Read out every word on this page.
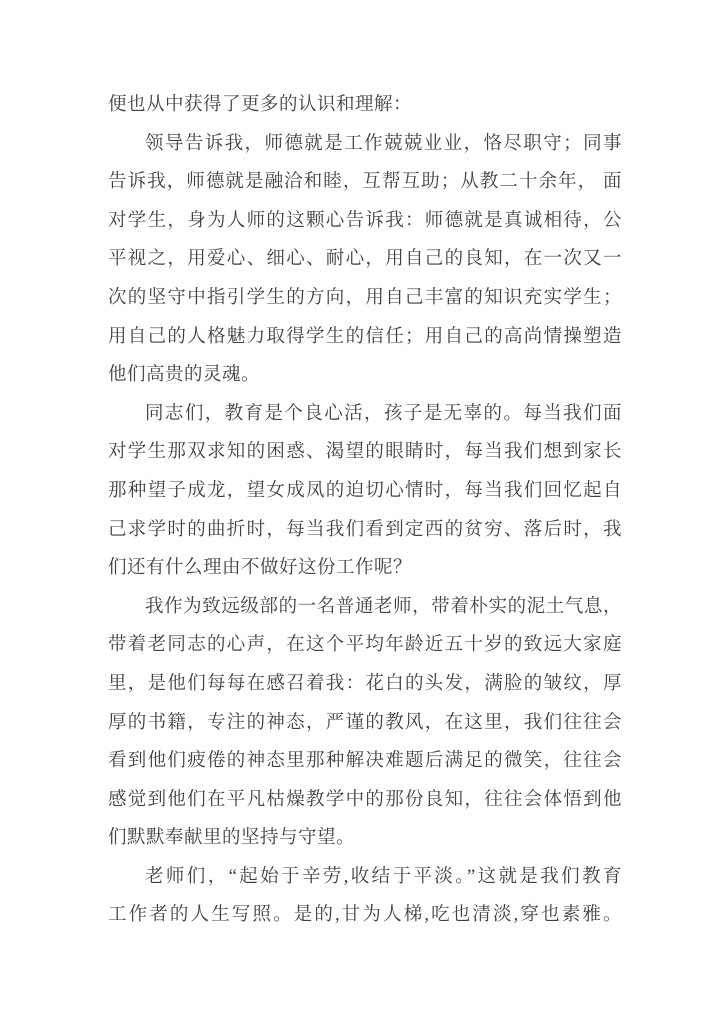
便也从中获得了更多的认识和理解：
领导告诉我，师德就是工作兢兢业业，恪尽职守；同事
告诉我，师德就是融洽和睦，互帮互助；从教二十余年， 面
对学生，身为人师的这颗心告诉我：师德就是真诚相待，公
平视之，用爱心、细心、耐心，用自己的良知，在一次又一
次的坚守中指引学生的方向，用自己丰富的知识充实学生；
用自己的人格魅力取得学生的信任；用自己的高尚情操塑造
他们高贵的灵魂。
同志们，教育是个良心活，孩子是无辜的。每当我们面
对学生那双求知的困惑、渴望的眼睛时，每当我们想到家长
那种望子成龙，望女成凤的迫切心情时，每当我们回忆起自
己求学时的曲折时，每当我们看到定西的贫穷、落后时，我
们还有什么理由不做好这份工作呢？
我作为致远级部的一名普通老师，带着朴实的泥土气息，
带着老同志的心声，在这个平均年龄近五十岁的致远大家庭
里，是他们每每在感召着我：花白的头发，满脸的皱纹，厚
厚的书籍，专注的神态，严谨的教风，在这里，我们往往会
看到他们疲倦的神态里那种解决难题后满足的微笑，往往会
感觉到他们在平凡枯燥教学中的那份良知，往往会体悟到他
们默默奉献里的坚持与守望。
老师们，“起始于辛劳,收结于平淡。”这就是我们教育
工作者的人生写照。是的,甘为人梯,吃也清淡,穿也素雅。
